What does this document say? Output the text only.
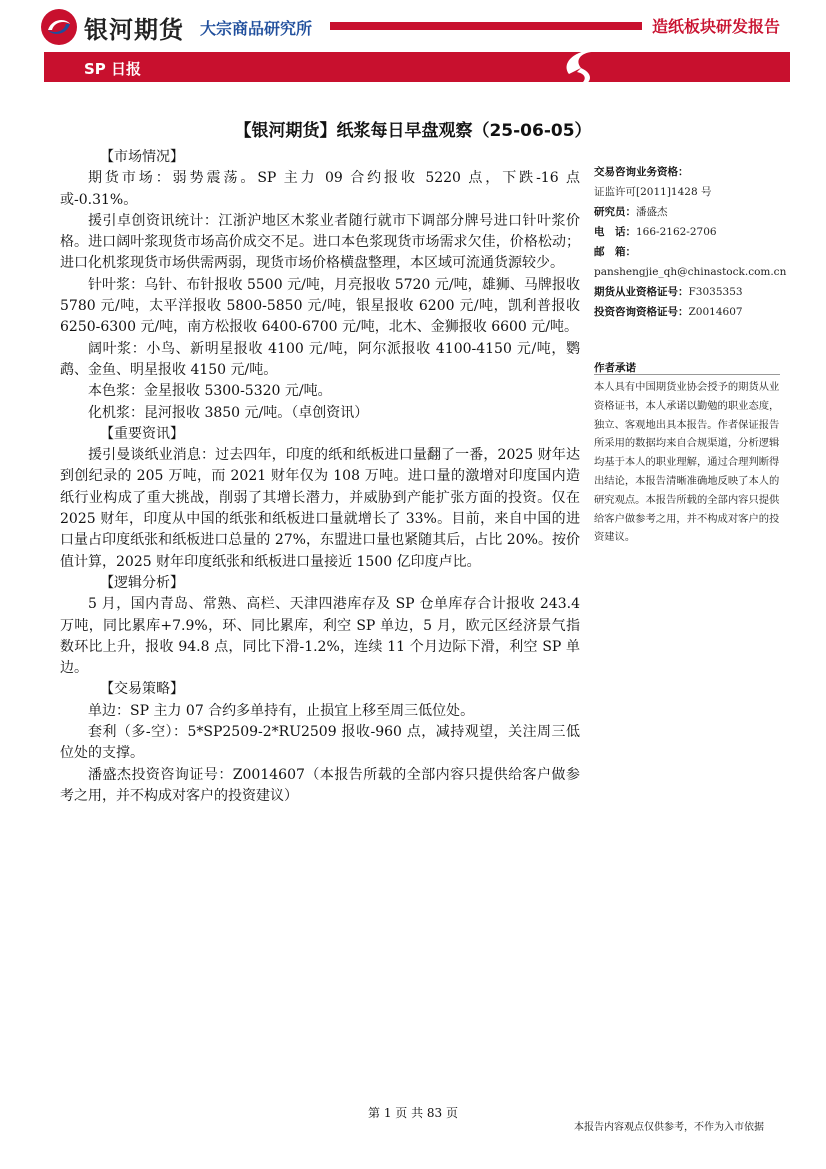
银河期货 大宗商品研究所	造纸板块研发报告
SP 日报
【银河期货】纸浆每日早盘观察（25-06-05）

【市场情况】

期货市场：弱势震荡。SP 主力 09 合约报收 5220 点，下跌-16 点或-0.31%。

援引卓创资讯统计：江浙沪地区木浆业者随行就市下调部分牌号进口针叶浆价格。进口阔叶浆现货市场高价成交不足。进口本色浆现货市场需求欠佳，价格松动；进口化机浆现货市场供需两弱，现货市场价格横盘整理，本区域可流通货源较少。

针叶浆：乌针、布针报收 5500 元/吨，月亮报收 5720 元/吨，雄狮、马牌报收 5780 元/吨，太平洋报收 5800-5850 元/吨，银星报收 6200 元/吨，凯利普报收 6250-6300 元/吨，南方松报收 6400-6700 元/吨，北木、金狮报收 6600 元/吨。

阔叶浆：小鸟、新明星报收 4100 元/吨，阿尔派报收 4100-4150 元/吨，鹦鹉、金鱼、明星报收 4150 元/吨。

本色浆：金星报收 5300-5320 元/吨。

化机浆：昆河报收 3850 元/吨。（卓创资讯）

【重要资讯】

援引曼谈纸业消息：过去四年，印度的纸和纸板进口量翻了一番，2025 财年达到创纪录的 205 万吨，而 2021 财年仅为 108 万吨。进口量的激增对印度国内造纸行业构成了重大挑战，削弱了其增长潜力，并威胁到产能扩张方面的投资。仅在 2025 财年，印度从中国的纸张和纸板进口量就增长了 33%。目前，来自中国的进口量占印度纸张和纸板进口总量的 27%，东盟进口量也紧随其后，占比 20%。按价值计算，2025 财年印度纸张和纸板进口量接近 1500 亿印度卢比。

【逻辑分析】

5 月，国内青岛、常熟、高栏、天津四港库存及 SP 仓单库存合计报收 243.4 万吨，同比累库+7.9%，环、同比累库，利空 SP 单边，5 月，欧元区经济景气指数环比上升，报收 94.8 点，同比下滑-1.2%，连续 11 个月边际下滑，利空 SP 单边。

【交易策略】

单边：SP 主力 07 合约多单持有，止损宜上移至周三低位处。

套利（多-空）：5*SP2509-2*RU2509 报收-960 点，减持观望，关注周三低位处的支撑。

潘盛杰投资咨询证号：Z0014607（本报告所载的全部内容只提供给客户做参考之用，并不构成对客户的投资建议）

交易咨询业务资格：
证监许可[2011]1428 号
研究员：潘盛杰
电　话：166-2162-2706
邮　箱：
panshengjie_qh@chinastock.com.cn
期货从业资格证号：F3035353
投资咨询资格证号：Z0014607
作者承诺
本人具有中国期货业协会授予的期货从业资格证书，本人承诺以勤勉的职业态度，独立、客观地出具本报告。作者保证报告所采用的数据均来自合规渠道，分析逻辑均基于本人的职业理解，通过合理判断得出结论，本报告清晰准确地反映了本人的研究观点。本报告所载的全部内容只提供给客户做参考之用，并不构成对客户的投资建议。
第 1 页 共 83 页
本报告内容观点仅供参考，不作为入市依据
